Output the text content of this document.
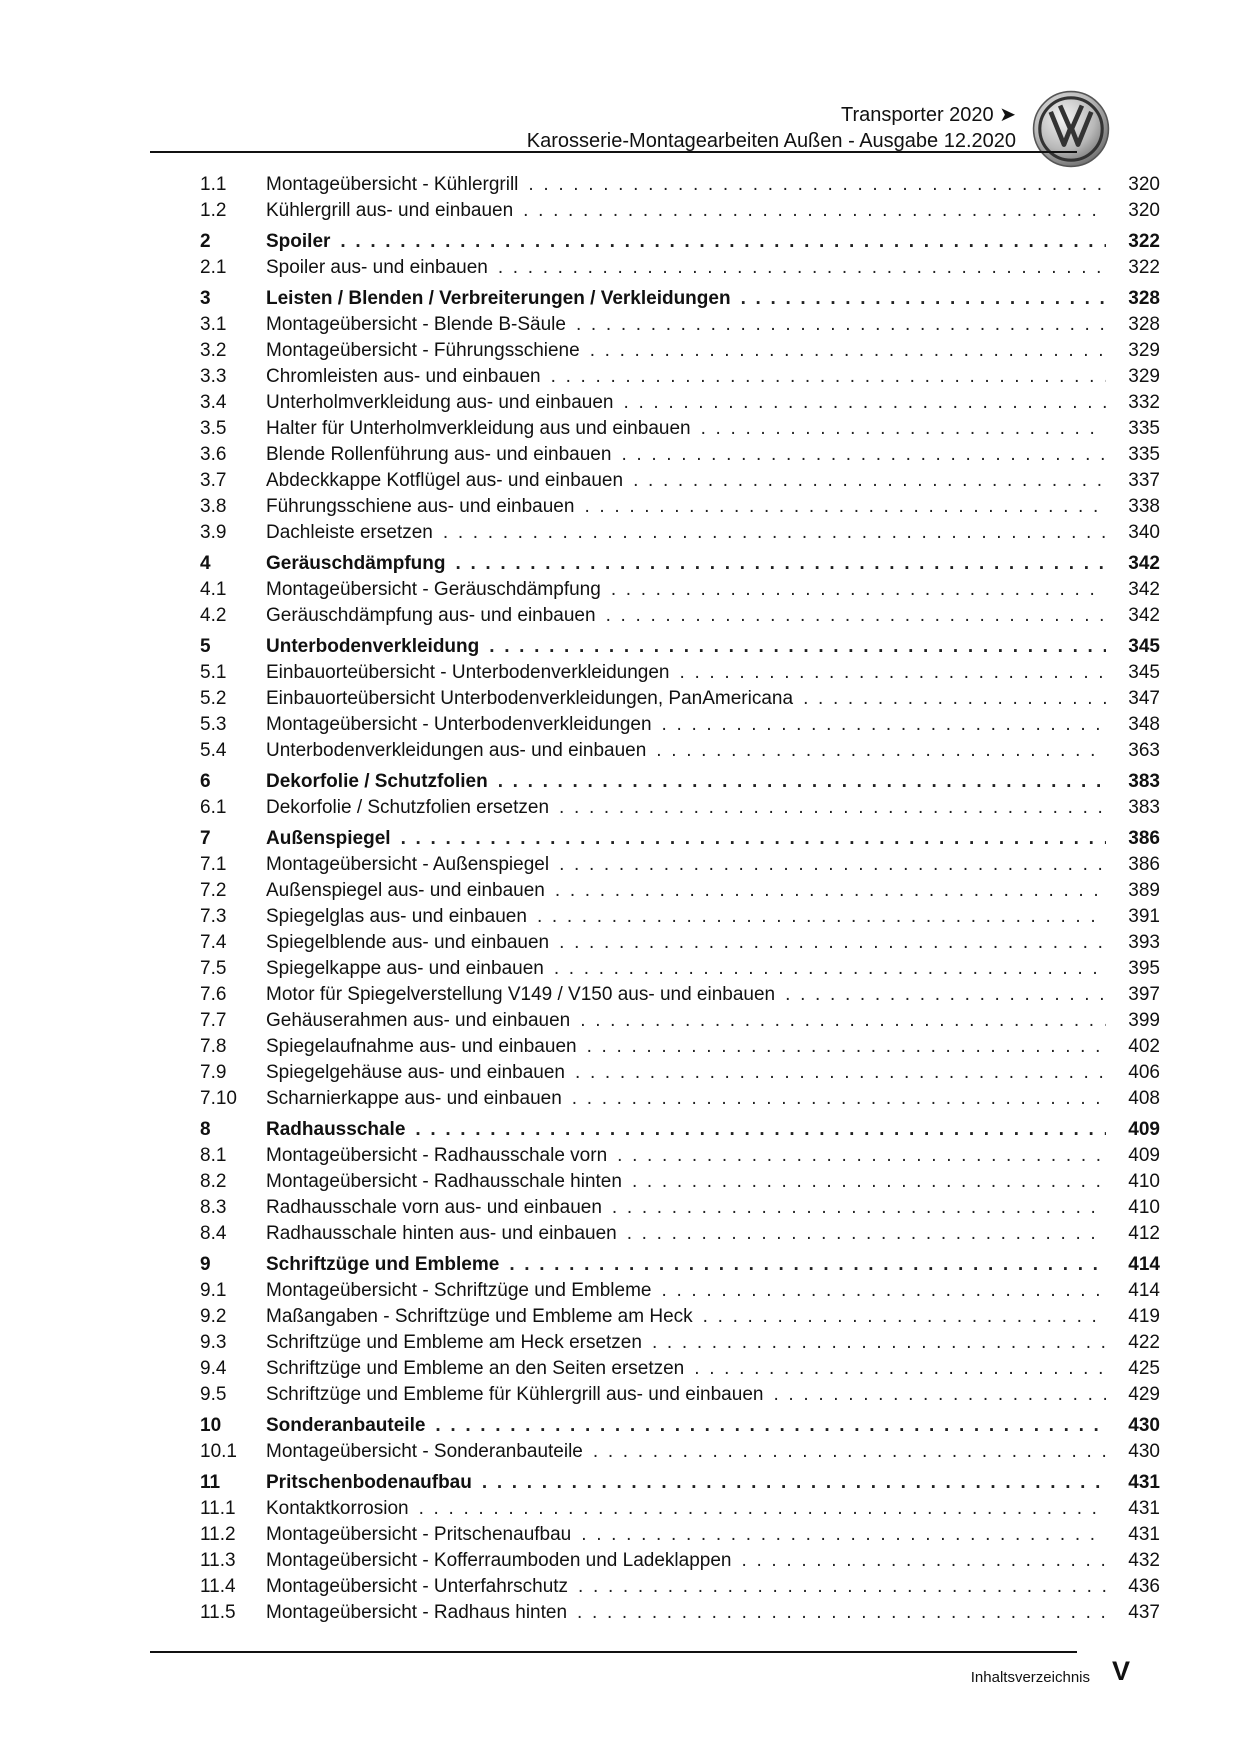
Transporter 2020 ➤
Karosserie-Montagearbeiten Außen - Ausgabe 12.2020
1.1	Montageübersicht - Kühlergrill . . .	320
1.2	Kühlergrill aus- und einbauen . . .	320
2	Spoiler . . .	322
2.1	Spoiler aus- und einbauen . . .	322
3	Leisten / Blenden / Verbreiterungen / Verkleidungen . . .	328
3.1	Montageübersicht - Blende B-Säule . . .	328
3.2	Montageübersicht - Führungsschiene . . .	329
3.3	Chromleisten aus- und einbauen . . .	329
3.4	Unterholmverkleidung aus- und einbauen . . .	332
3.5	Halter für Unterholmverkleidung aus und einbauen . . .	335
3.6	Blende Rollenführung aus- und einbauen . . .	335
3.7	Abdeckkappe Kotflügel aus- und einbauen . . .	337
3.8	Führungsschiene aus- und einbauen . . .	338
3.9	Dachleiste ersetzen . . .	340
4	Geräuschdämpfung . . .	342
4.1	Montageübersicht - Geräuschdämpfung . . .	342
4.2	Geräuschdämpfung aus- und einbauen . . .	342
5	Unterbodenverkleidung . . .	345
5.1	Einbauorteübersicht - Unterbodenverkleidungen . . .	345
5.2	Einbauorteübersicht Unterbodenverkleidungen, PanAmericana . . .	347
5.3	Montageübersicht - Unterbodenverkleidungen . . .	348
5.4	Unterbodenverkleidungen aus- und einbauen . . .	363
6	Dekorfolie / Schutzfolien . . .	383
6.1	Dekorfolie / Schutzfolien ersetzen . . .	383
7	Außenspiegel . . .	386
7.1	Montageübersicht - Außenspiegel . . .	386
7.2	Außenspiegel aus- und einbauen . . .	389
7.3	Spiegelglas aus- und einbauen . . .	391
7.4	Spiegelblende aus- und einbauen . . .	393
7.5	Spiegelkappe aus- und einbauen . . .	395
7.6	Motor für Spiegelverstellung V149 / V150 aus- und einbauen . . .	397
7.7	Gehäuserahmen aus- und einbauen . . .	399
7.8	Spiegelaufnahme aus- und einbauen . . .	402
7.9	Spiegelgehäuse aus- und einbauen . . .	406
7.10	Scharnierkappe aus- und einbauen . . .	408
8	Radhausschale . . .	409
8.1	Montageübersicht - Radhausschale vorn . . .	409
8.2	Montageübersicht - Radhausschale hinten . . .	410
8.3	Radhausschale vorn aus- und einbauen . . .	410
8.4	Radhausschale hinten aus- und einbauen . . .	412
9	Schriftzüge und Embleme . . .	414
9.1	Montageübersicht - Schriftzüge und Embleme . . .	414
9.2	Maßangaben - Schriftzüge und Embleme am Heck . . .	419
9.3	Schriftzüge und Embleme am Heck ersetzen . . .	422
9.4	Schriftzüge und Embleme an den Seiten ersetzen . . .	425
9.5	Schriftzüge und Embleme für Kühlergrill aus- und einbauen . . .	429
10	Sonderanbauteile . . .	430
10.1	Montageübersicht - Sonderanbauteile . . .	430
11	Pritschenbodenaufbau . . .	431
11.1	Kontaktkorrosion . . .	431
11.2	Montageübersicht - Pritschenaufbau . . .	431
11.3	Montageübersicht - Kofferraumboden und Ladeklappen . . .	432
11.4	Montageübersicht - Unterfahrschutz . . .	436
11.5	Montageübersicht - Radhaus hinten . . .	437
Inhaltsverzeichnis V
